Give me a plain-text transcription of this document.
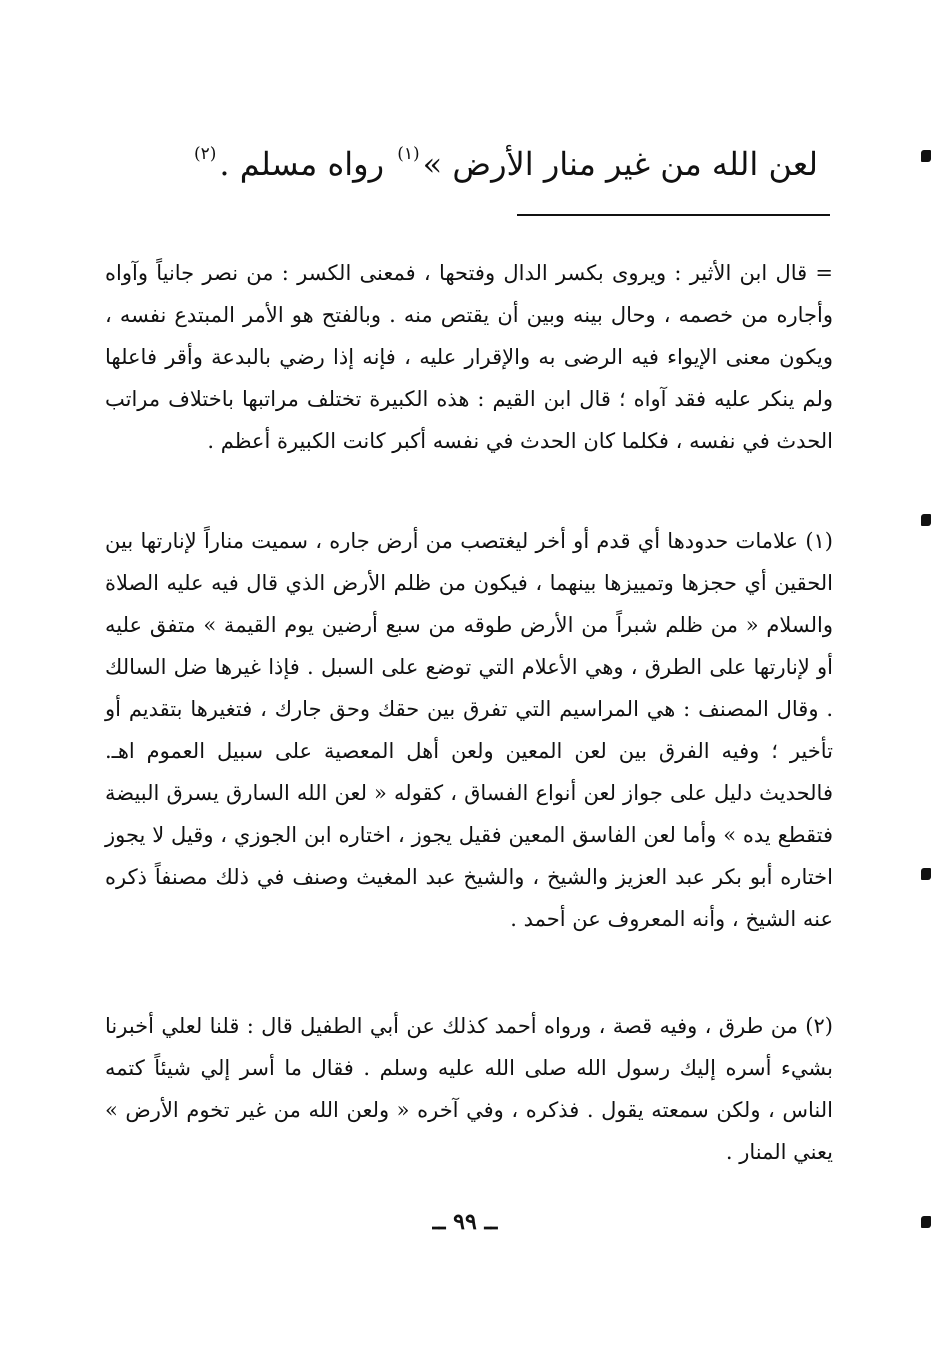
لعن الله من غير منار الأرض »$^{(١)}$ رواه مسلم .$^{(٢)}$
= قال ابن الأثير : ويروى بكسر الدال وفتحها ، فمعنى الكسر : من نصر جانياً وآواه وأجاره من خصمه ، وحال بينه وبين أن يقتص منه . وبالفتح هو الأمر المبتدع نفسه ، ويكون معنى الإيواء فيه الرضى به والإقرار عليه ، فإنه إذا رضي بالبدعة وأقر فاعلها ولم ينكر عليه فقد آواه ؛ قال ابن القيم : هذه الكبيرة تختلف مراتبها باختلاف مراتب الحدث في نفسه ، فكلما كان الحدث في نفسه أكبر كانت الكبيرة أعظم .
(١) علامات حدودها أي قدم أو أخر ليغتصب من أرض جاره ، سميت مناراً لإنارتها بين الحقين أي حجزها وتمييزها بينهما ، فيكون من ظلم الأرض الذي قال فيه عليه الصلاة والسلام « من ظلم شبراً من الأرض طوقه من سبع أرضين يوم القيمة » متفق عليه أو لإنارتها على الطرق ، وهي الأعلام التي توضع على السبل . فإذا غيرها ضل السالك . وقال المصنف : هي المراسيم التي تفرق بين حقك وحق جارك ، فتغيرها بتقديم أو تأخير ؛ وفيه الفرق بين لعن المعين ولعن أهل المعصية على سبيل العموم اهـ. فالحديث دليل على جواز لعن أنواع الفساق ، كقوله « لعن الله السارق يسرق البيضة فتقطع يده » وأما لعن الفاسق المعين فقيل يجوز ، اختاره ابن الجوزي ، وقيل لا يجوز اختاره أبو بكر عبد العزيز والشيخ ، والشيخ عبد المغيث وصنف في ذلك مصنفاً ذكره عنه الشيخ ، وأنه المعروف عن أحمد .
(٢) من طرق ، وفيه قصة ، ورواه أحمد كذلك عن أبي الطفيل قال : قلنا لعلي أخبرنا بشيء أسره إليك رسول الله صلى الله عليه وسلم . فقال ما أسر إلي شيئاً كتمه الناس ، ولكن سمعته يقول . فذكره ، وفي آخره « ولعن الله من غير تخوم الأرض » يعني المنار .
ــ ٩٩ ــ
